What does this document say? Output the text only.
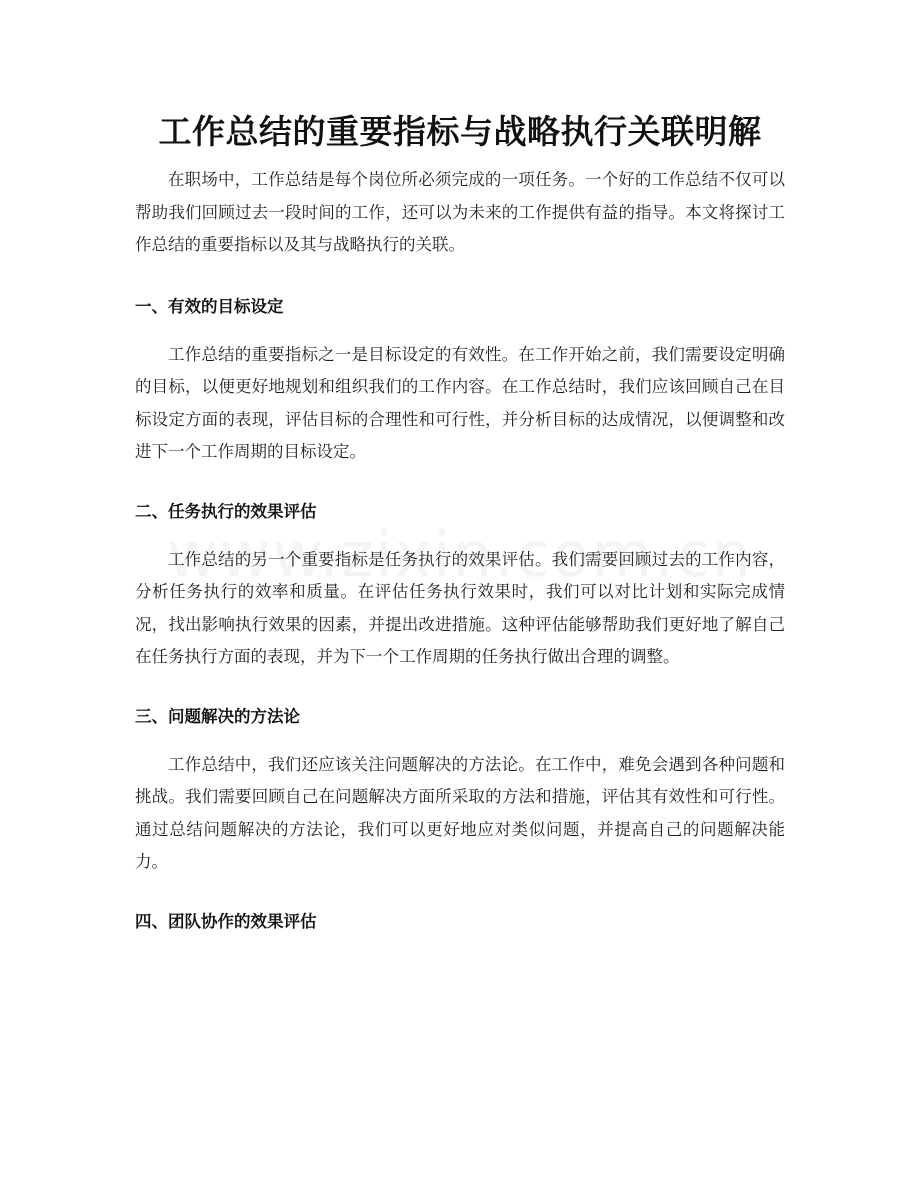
工作总结的重要指标与战略执行关联明解

在职场中，工作总结是每个岗位所必须完成的一项任务。一个好的工作总结不仅可以帮助我们回顾过去一段时间的工作，还可以为未来的工作提供有益的指导。本文将探讨工作总结的重要指标以及其与战略执行的关联。

一、有效的目标设定

工作总结的重要指标之一是目标设定的有效性。在工作开始之前，我们需要设定明确的目标，以便更好地规划和组织我们的工作内容。在工作总结时，我们应该回顾自己在目标设定方面的表现，评估目标的合理性和可行性，并分析目标的达成情况，以便调整和改进下一个工作周期的目标设定。

二、任务执行的效果评估

工作总结的另一个重要指标是任务执行的效果评估。我们需要回顾过去的工作内容，分析任务执行的效率和质量。在评估任务执行效果时，我们可以对比计划和实际完成情况，找出影响执行效果的因素，并提出改进措施。这种评估能够帮助我们更好地了解自己在任务执行方面的表现，并为下一个工作周期的任务执行做出合理的调整。

三、问题解决的方法论

工作总结中，我们还应该关注问题解决的方法论。在工作中，难免会遇到各种问题和挑战。我们需要回顾自己在问题解决方面所采取的方法和措施，评估其有效性和可行性。通过总结问题解决的方法论，我们可以更好地应对类似问题，并提高自己的问题解决能力。

四、团队协作的效果评估
